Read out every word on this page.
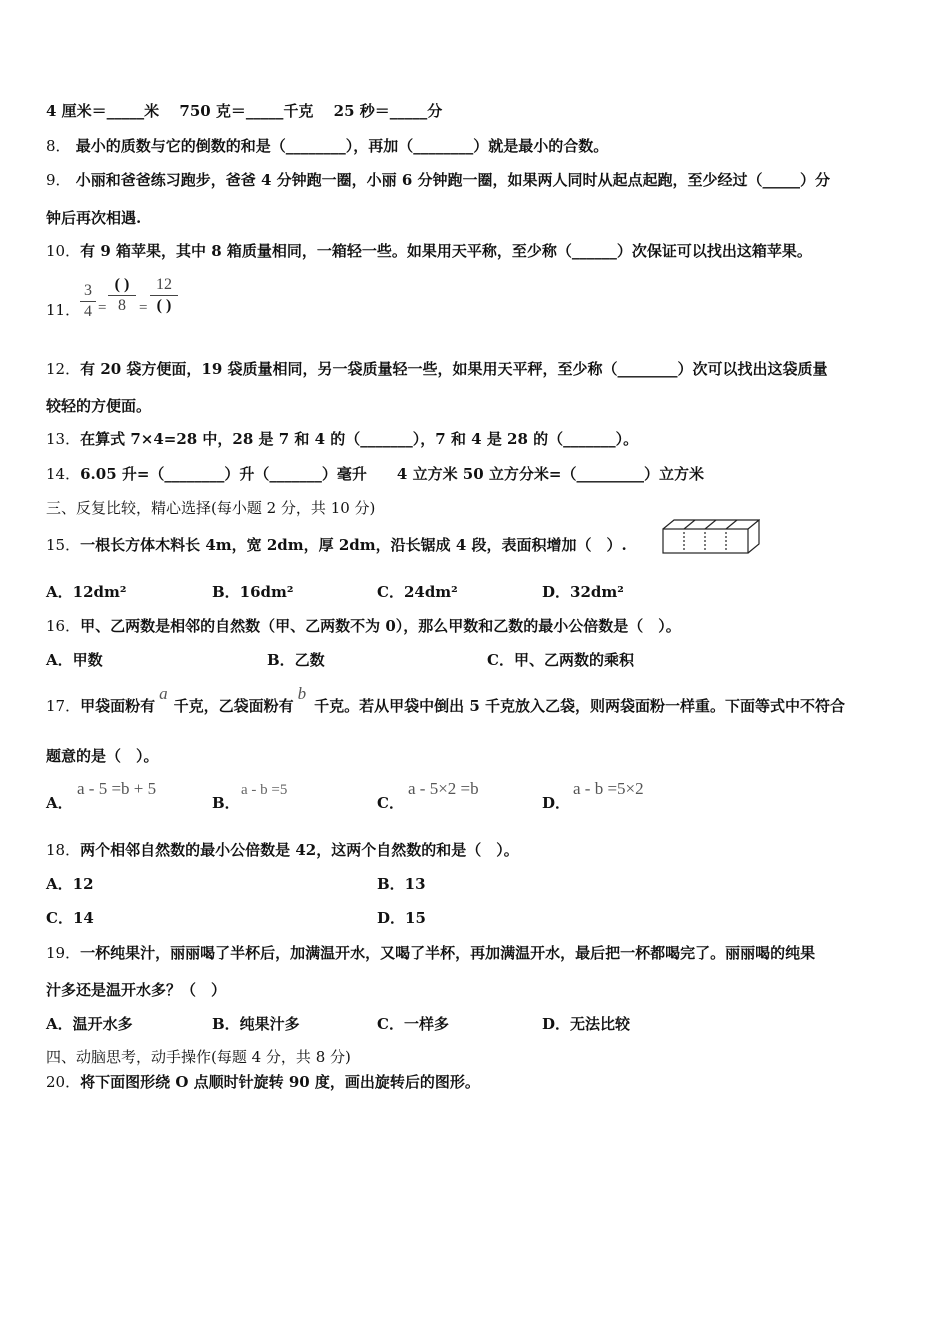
4 厘米＝_____米　 750 克＝_____千克　 25 秒＝_____分
8． 最小的质数与它的倒数的和是（________），再加（________）就是最小的合数。
9． 小丽和爸爸练习跑步，爸爸 4 分钟跑一圈，小丽 6 分钟跑一圈，如果两人同时从起点起跑，至少经过（_____）分
钟后再次相遇.
10．有 9 箱苹果，其中 8 箱质量相同，一箱轻一些。如果用天平称，至少称（______）次保证可以找出这箱苹果。
11．
3
4 =
( )
8 =
12
( )
12．有 20 袋方便面，19 袋质量相同，另一袋质量轻一些，如果用天平秤，至少称（________）次可以找出这袋质量
较轻的方便面。
13．在算式 7×4=28 中，28 是 7 和 4 的（_______），7 和 4 是 28 的（_______）。
14．6.05 升=（________）升（_______）毫升　　4 立方米 50 立方分米=（_________）立方米
三、反复比较，精心选择(每小题 2 分，共 10 分)
15．一根长方体木料长 4m，宽 2dm，厚 2dm，沿长锯成 4 段，表面积增加（　）.
A．12dm²	B．16dm²	C．24dm²	D．32dm²
16．甲、乙两数是相邻的自然数（甲、乙两数不为 0），那么甲数和乙数的最小公倍数是（　）。
A．甲数	B．乙数	C．甲、乙两数的乘积
17．甲袋面粉有a千克，乙袋面粉有b千克。若从甲袋中倒出 5 千克放入乙袋，则两袋面粉一样重。下面等式中不符合
题意的是（　）。
A．
a - 5 =b + 5
B．
a - b =5
C．
a - 5×2 =b
D．
a - b =5×2
18．两个相邻自然数的最小公倍数是 42，这两个自然数的和是（　）。
A．12	B．13
C．14	D．15
19．一杯纯果汁，丽丽喝了半杯后，加满温开水，又喝了半杯，再加满温开水，最后把一杯都喝完了。丽丽喝的纯果
汁多还是温开水多？（　）
A．温开水多	B．纯果汁多	C．一样多	D．无法比较
四、动脑思考，动手操作(每题 4 分，共 8 分)
20．将下面图形绕 O 点顺时针旋转 90 度，画出旋转后的图形。
